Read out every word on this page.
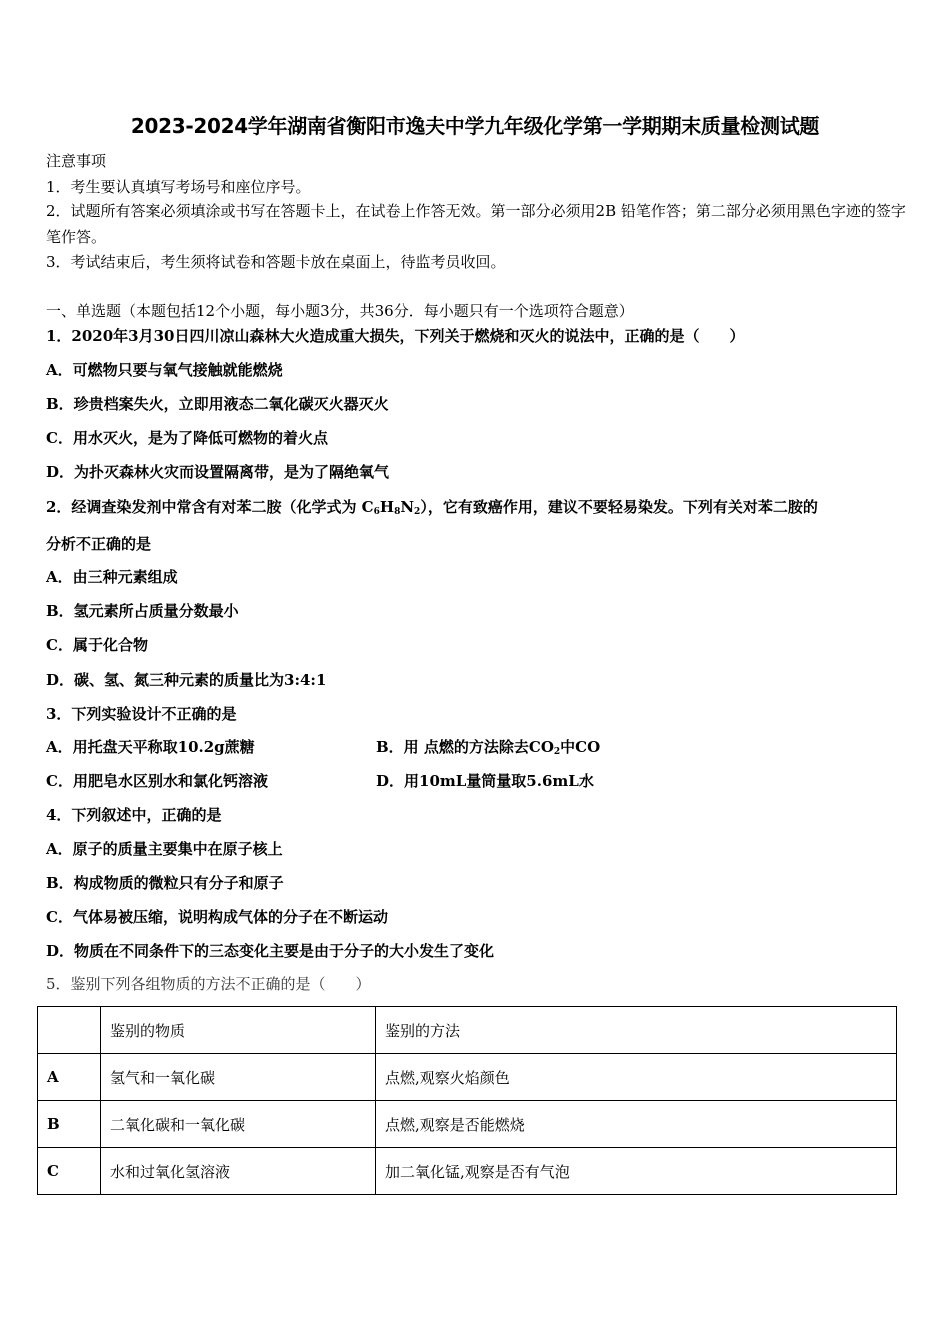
2023-2024学年湖南省衡阳市逸夫中学九年级化学第一学期期末质量检测试题
注意事项
1．考生要认真填写考场号和座位序号。
2．试题所有答案必须填涂或书写在答题卡上，在试卷上作答无效。第一部分必须用2B 铅笔作答；第二部分必须用黑色字迹的签字笔作答。
3．考试结束后，考生须将试卷和答题卡放在桌面上，待监考员收回。
一、单选题（本题包括12个小题，每小题3分，共36分．每小题只有一个选项符合题意）
1．2020年3月30日四川凉山森林大火造成重大损失，下列关于燃烧和灭火的说法中，正确的是（　　）
A．可燃物只要与氧气接触就能燃烧
B．珍贵档案失火，立即用液态二氧化碳灭火器灭火
C．用水灭火，是为了降低可燃物的着火点
D．为扑灭森林火灾而设置隔离带，是为了隔绝氧气
2．经调查染发剂中常含有对苯二胺（化学式为 $C_6H_8N_2$），它有致癌作用，建议不要轻易染发。下列有关对苯二胺的
分析不正确的是
A．由三种元素组成
B．氢元素所占质量分数最小
C．属于化合物
D．碳、氢、氮三种元素的质量比为3:4:1
3．下列实验设计不正确的是
A．用托盘天平称取10.2g蔗糖	B．用 点燃的方法除去$CO_2$中CO
C．用肥皂水区别水和氯化钙溶液	D．用10mL量筒量取5.6mL水
4．下列叙述中，正确的是
A．原子的质量主要集中在原子核上
B．构成物质的微粒只有分子和原子
C．气体易被压缩，说明构成气体的分子在不断运动
D．物质在不同条件下的三态变化主要是由于分子的大小发生了变化
5．鉴别下列各组物质的方法不正确的是（　　）
	鉴别的物质	鉴别的方法
A	氢气和一氧化碳	点燃,观察火焰颜色
B	二氧化碳和一氧化碳	点燃,观察是否能燃烧
C	水和过氧化氢溶液	加二氧化锰,观察是否有气泡
